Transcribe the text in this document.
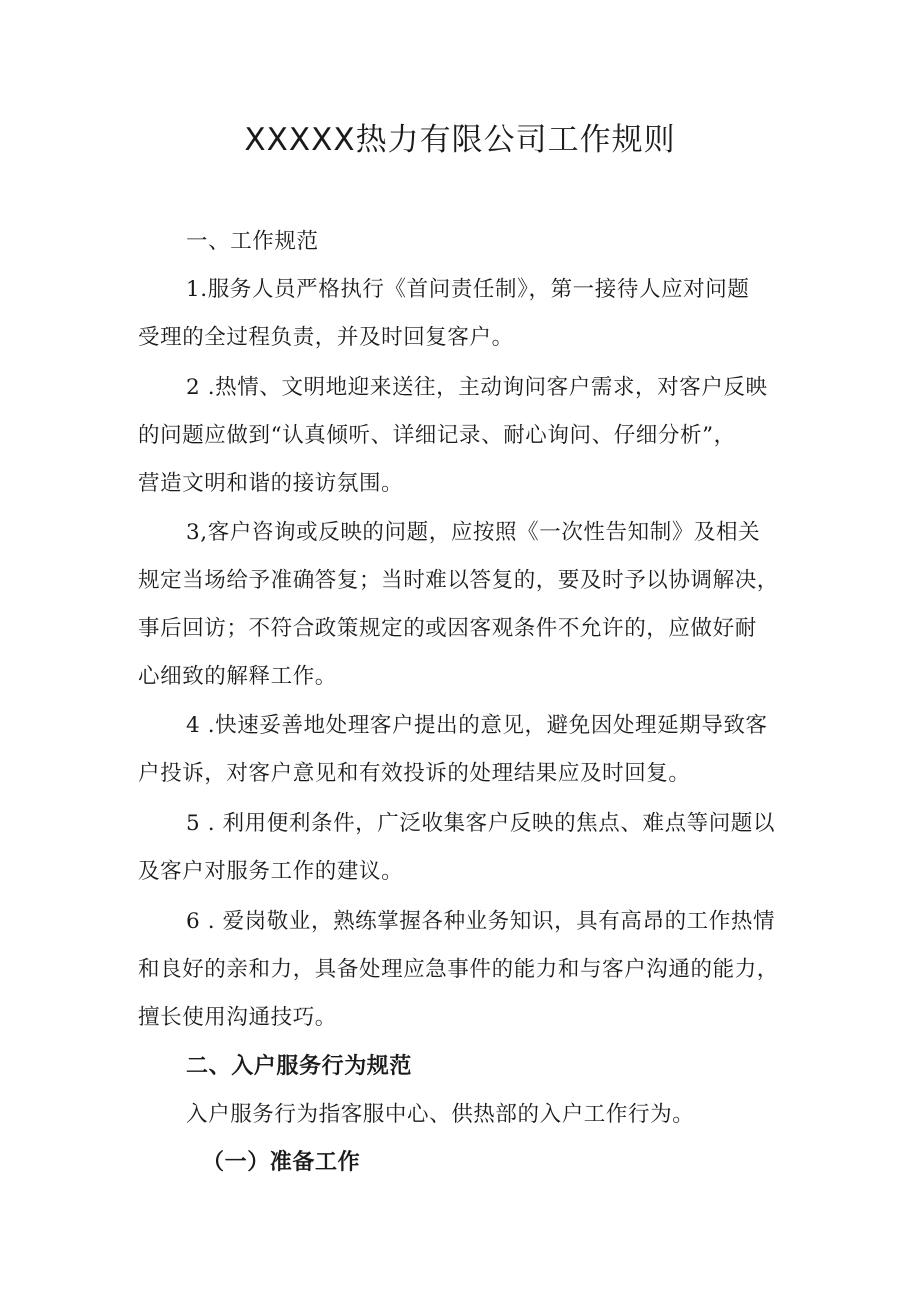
XXXXX热力有限公司工作规则
一、工作规范
1.服务人员严格执行《首问责任制》，第一接待人应对问题
受理的全过程负责，并及时回复客户。
2 .热情、文明地迎来送往，主动询问客户需求，对客户反映
的问题应做到“认真倾听、详细记录、耐心询问、仔细分析”，
营造文明和谐的接访氛围。
3,客户咨询或反映的问题，应按照《一次性告知制》及相关
规定当场给予准确答复；当时难以答复的，要及时予以协调解决，
事后回访；不符合政策规定的或因客观条件不允许的，应做好耐
心细致的解释工作。
4 .快速妥善地处理客户提出的意见，避免因处理延期导致客
户投诉，对客户意见和有效投诉的处理结果应及时回复。
5 . 利用便利条件，广泛收集客户反映的焦点、难点等问题以
及客户对服务工作的建议。
6 . 爱岗敬业，熟练掌握各种业务知识，具有高昂的工作热情
和良好的亲和力，具备处理应急事件的能力和与客户沟通的能力，
擅长使用沟通技巧。
二、入户服务行为规范
入户服务行为指客服中心、供热部的入户工作行为。
（一）准备工作
